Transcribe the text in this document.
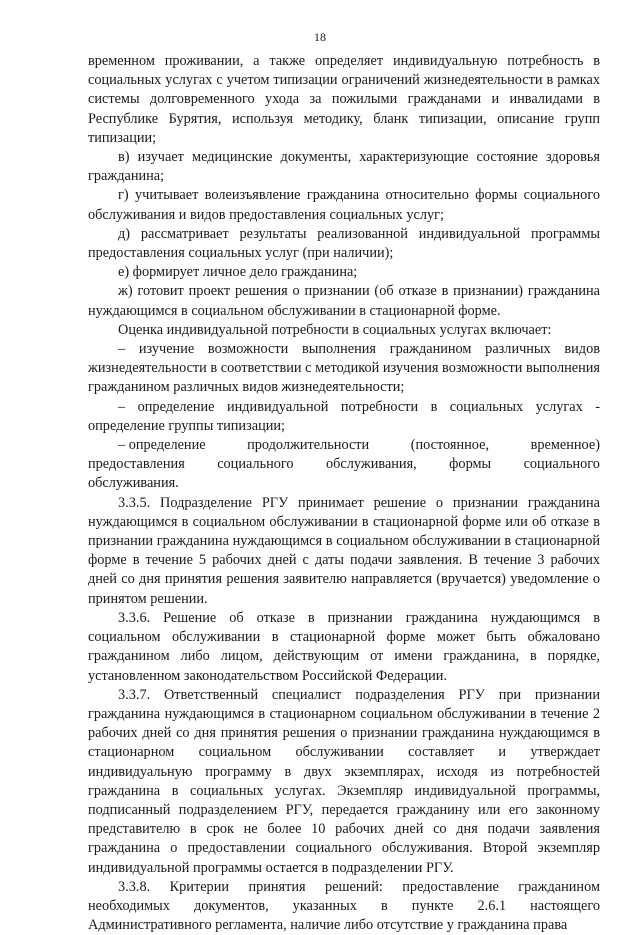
18

временном проживании, а также определяет индивидуальную потребность в социальных услугах с учетом типизации ограничений жизнедеятельности в рамках системы долговременного ухода за пожилыми гражданами и инвалидами в Республике Бурятия, используя методику, бланк типизации, описание групп типизации;

в) изучает медицинские документы, характеризующие состояние здоровья гражданина;

г) учитывает волеизъявление гражданина относительно формы социального обслуживания и видов предоставления социальных услуг;

д) рассматривает результаты реализованной индивидуальной программы предоставления социальных услуг (при наличии);

е) формирует личное дело гражданина;

ж) готовит проект решения о признании (об отказе в признании) гражданина нуждающимся в социальном обслуживании в стационарной форме.

Оценка индивидуальной потребности в социальных услугах включает:

– изучение возможности выполнения гражданином различных видов жизнедеятельности в соответствии с методикой изучения возможности выполнения гражданином различных видов жизнедеятельности;

– определение индивидуальной потребности в социальных услугах - определение группы типизации;

– определение	продолжительности	(постоянное,	временное)
предоставления социального обслуживания, формы социального

обслуживания.

3.3.5. Подразделение РГУ принимает решение о признании гражданина нуждающимся в социальном обслуживании в стационарной форме или об отказе в признании гражданина нуждающимся в социальном обслуживании в стационарной форме в течение 5 рабочих дней с даты подачи заявления. В течение 3 рабочих дней со дня принятия решения заявителю направляется (вручается) уведомление о принятом решении.

3.3.6. Решение об отказе в признании гражданина нуждающимся в социальном обслуживании в стационарной форме может быть обжаловано гражданином либо лицом, действующим от имени гражданина, в порядке, установленном законодательством Российской Федерации.

3.3.7. Ответственный специалист подразделения РГУ при признании гражданина нуждающимся в стационарном социальном обслуживании в течение 2 рабочих дней со дня принятия решения о признании гражданина нуждающимся в стационарном социальном обслуживании составляет и утверждает индивидуальную программу в двух экземплярах, исходя из потребностей гражданина в социальных услугах. Экземпляр индивидуальной программы, подписанный подразделением РГУ, передается гражданину или его законному представителю в срок не более 10 рабочих дней со дня подачи заявления гражданина о предоставлении социального обслуживания. Второй экземпляр индивидуальной программы остается в подразделении РГУ.

3.3.8. Критерии принятия решений: предоставление гражданином необходимых документов, указанных в пункте 2.6.1 настоящего Административного регламента, наличие либо отсутствие у гражданина права
